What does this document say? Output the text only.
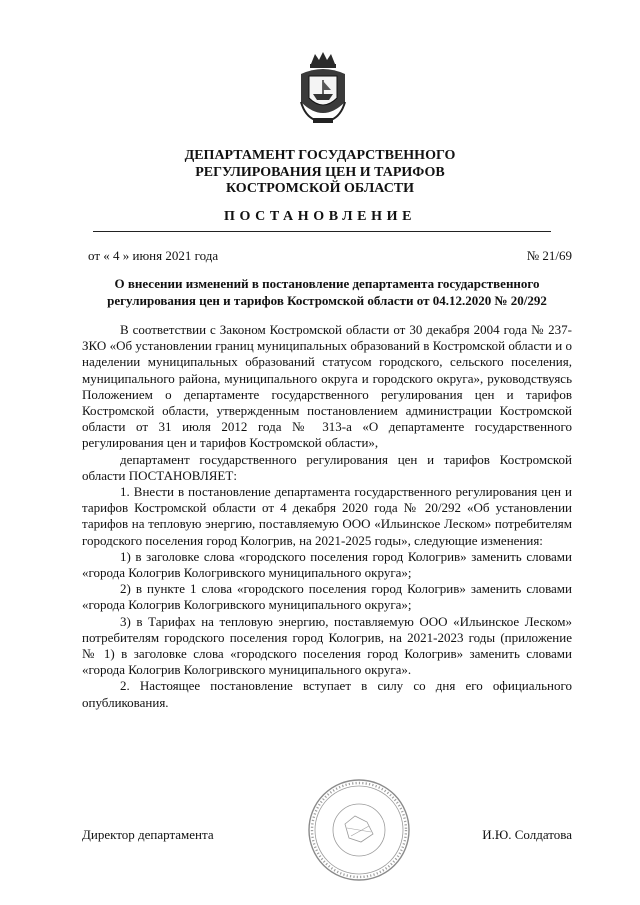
ДЕПАРТАМЕНТ ГОСУДАРСТВЕННОГО
РЕГУЛИРОВАНИЯ ЦЕН И ТАРИФОВ
КОСТРОМСКОЙ ОБЛАСТИ
ПОСТАНОВЛЕНИЕ
от « 4 » июня 2021 года	№ 21/69
О внесении изменений в постановление департамента государственного
регулирования цен и тарифов Костромской области от 04.12.2020 № 20/292

В соответствии с Законом Костромской области от 30 декабря 2004 года № 237-ЗКО «Об установлении границ муниципальных образований в Костромской области и о наделении муниципальных образований статусом городского, сельского поселения, муниципального района, муниципального округа и городского округа», руководствуясь Положением о департаменте государственного регулирования цен и тарифов Костромской области, утвержденным постановлением администрации Костромской области от 31 июля 2012 года № 313-а «О департаменте государственного регулирования цен и тарифов Костромской области»,

департамент государственного регулирования цен и тарифов Костромской области ПОСТАНОВЛЯЕТ:

1. Внести в постановление департамента государственного регулирования цен и тарифов Костромской области от 4 декабря 2020 года № 20/292 «Об установлении тарифов на тепловую энергию, поставляемую ООО «Ильинское Леском» потребителям городского поселения город Кологрив, на 2021-2025 годы», следующие изменения:

1) в заголовке слова «городского поселения город Кологрив» заменить словами «города Кологрив Кологривского муниципального округа»;

2) в пункте 1 слова «городского поселения город Кологрив» заменить словами «города Кологрив Кологривского муниципального округа»;

3) в Тарифах на тепловую энергию, поставляемую ООО «Ильинское Леском» потребителям городского поселения город Кологрив, на 2021-2023 годы (приложение № 1) в заголовке слова «городского поселения город Кологрив» заменить словами «города Кологрив Кологривского муниципального округа».

2. Настоящее постановление вступает в силу со дня его официального опубликования.

Директор департамента	И.Ю. Солдатова
